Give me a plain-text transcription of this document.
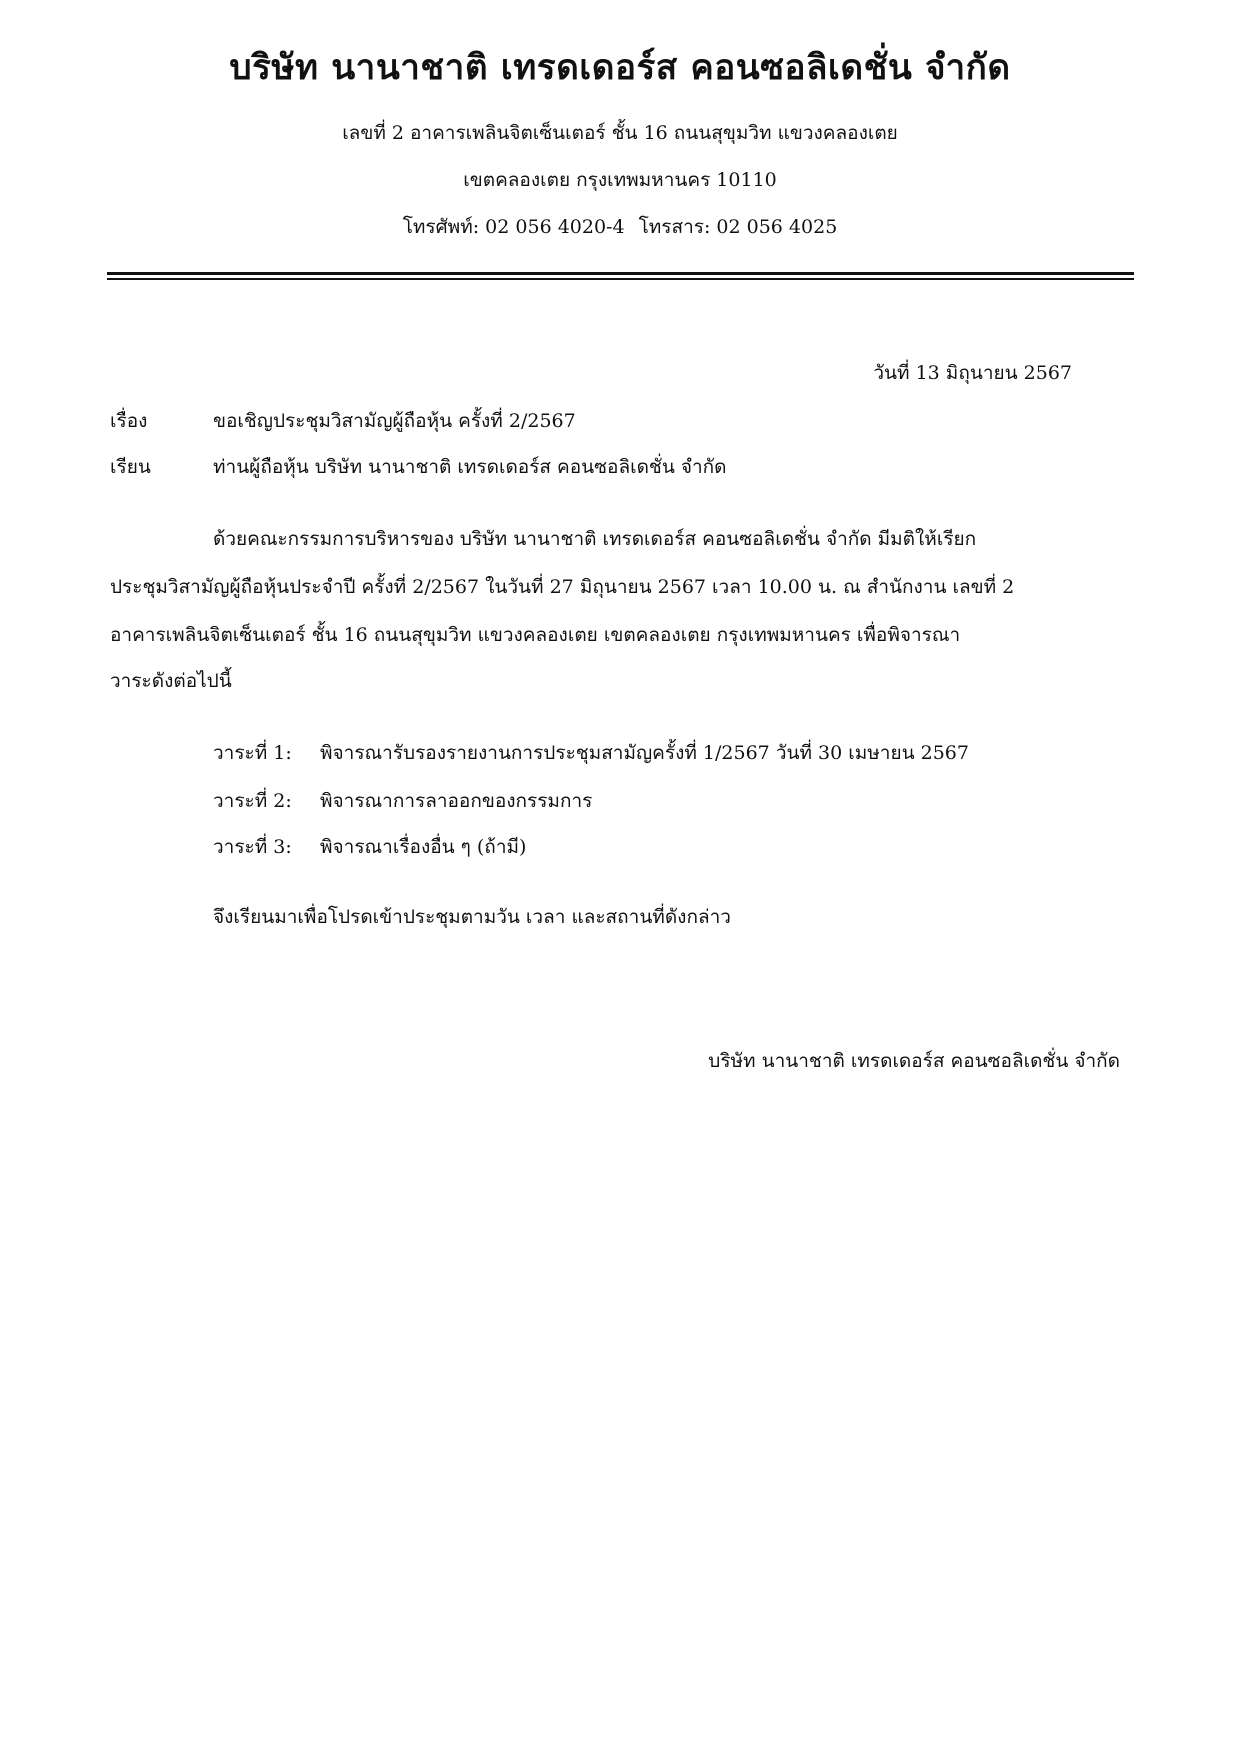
บริษัท นานาชาติ เทรดเดอร์ส คอนซอลิเดชั่น จำกัด
เลขที่ 2 อาคารเพลินจิตเซ็นเตอร์ ชั้น 16 ถนนสุขุมวิท แขวงคลองเตย
เขตคลองเตย กรุงเทพมหานคร 10110
โทรศัพท์: 02 056 4020-4 โทรสาร: 02 056 4025
วันที่ 13 มิถุนายน 2567
เรื่อง	ขอเชิญประชุมวิสามัญผู้ถือหุ้น ครั้งที่ 2/2567
เรียน	ท่านผู้ถือหุ้น บริษัท นานาชาติ เทรดเดอร์ส คอนซอลิเดชั่น จำกัด
ด้วยคณะกรรมการบริหารของ บริษัท นานาชาติ เทรดเดอร์ส คอนซอลิเดชั่น จำกัด มีมติให้เรียก
ประชุมวิสามัญผู้ถือหุ้นประจำปี ครั้งที่ 2/2567 ในวันที่ 27 มิถุนายน 2567 เวลา 10.00 น. ณ สำนักงาน เลขที่ 2
อาคารเพลินจิตเซ็นเตอร์ ชั้น 16 ถนนสุขุมวิท แขวงคลองเตย เขตคลองเตย กรุงเทพมหานคร เพื่อพิจารณา
วาระดังต่อไปนี้
วาระที่ 1: พิจารณารับรองรายงานการประชุมสามัญครั้งที่ 1/2567 วันที่ 30 เมษายน 2567
วาระที่ 2: พิจารณาการลาออกของกรรมการ
วาระที่ 3: พิจารณาเรื่องอื่น ๆ (ถ้ามี)
จึงเรียนมาเพื่อโปรดเข้าประชุมตามวัน เวลา และสถานที่ดังกล่าว
บริษัท นานาชาติ เทรดเดอร์ส คอนซอลิเดชั่น จำกัด
